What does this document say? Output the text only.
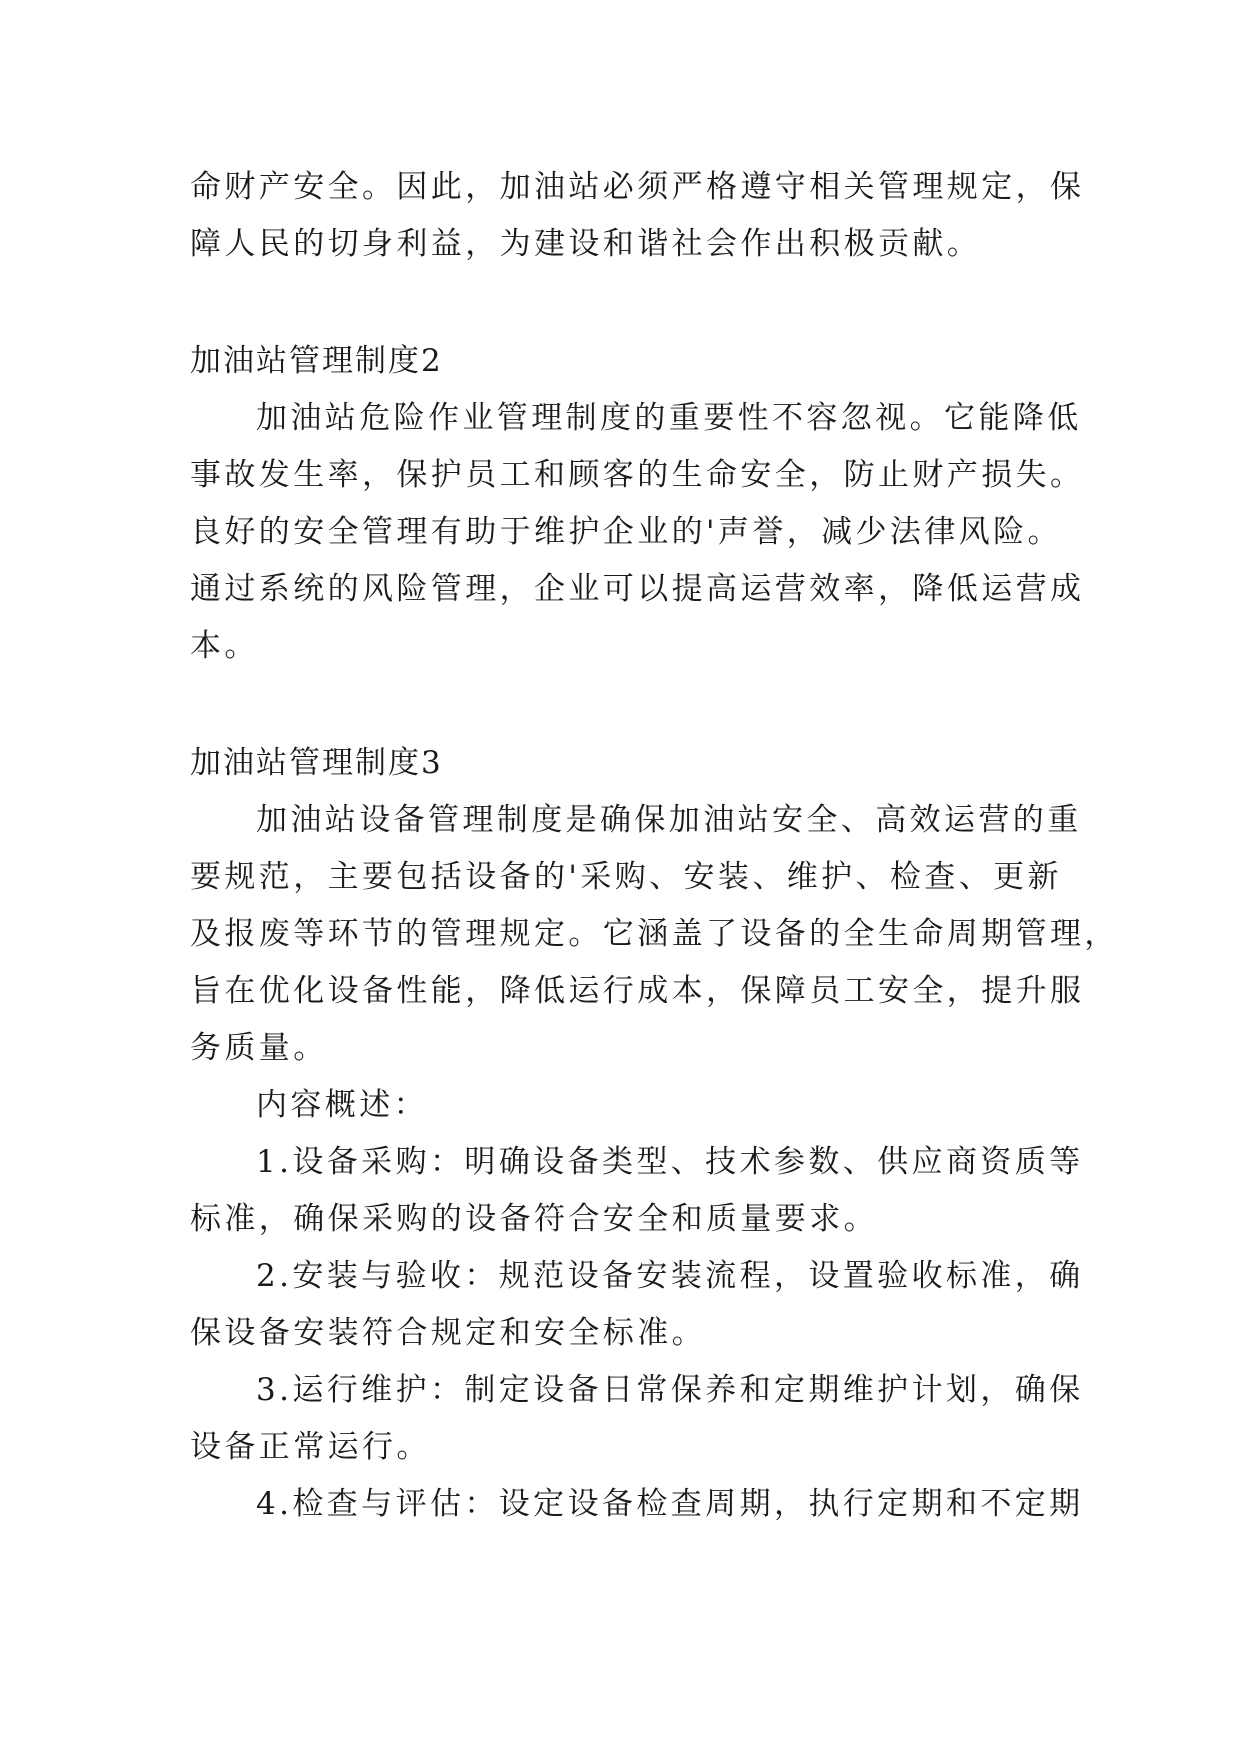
命财产安全。因此，加油站必须严格遵守相关管理规定，保
障人民的切身利益，为建设和谐社会作出积极贡献。
加油站管理制度2
加油站危险作业管理制度的重要性不容忽视。它能降低
事故发生率，保护员工和顾客的生命安全，防止财产损失。
良好的安全管理有助于维护企业的'声誉，减少法律风险。
通过系统的风险管理，企业可以提高运营效率，降低运营成
本。
加油站管理制度3
加油站设备管理制度是确保加油站安全、高效运营的重
要规范，主要包括设备的'采购、安装、维护、检查、更新
及报废等环节的管理规定。它涵盖了设备的全生命周期管理，
旨在优化设备性能，降低运行成本，保障员工安全，提升服
务质量。
内容概述：
1.设备采购：明确设备类型、技术参数、供应商资质等
标准，确保采购的设备符合安全和质量要求。
2.安装与验收：规范设备安装流程，设置验收标准，确
保设备安装符合规定和安全标准。
3.运行维护：制定设备日常保养和定期维护计划，确保
设备正常运行。
4.检查与评估：设定设备检查周期，执行定期和不定期
